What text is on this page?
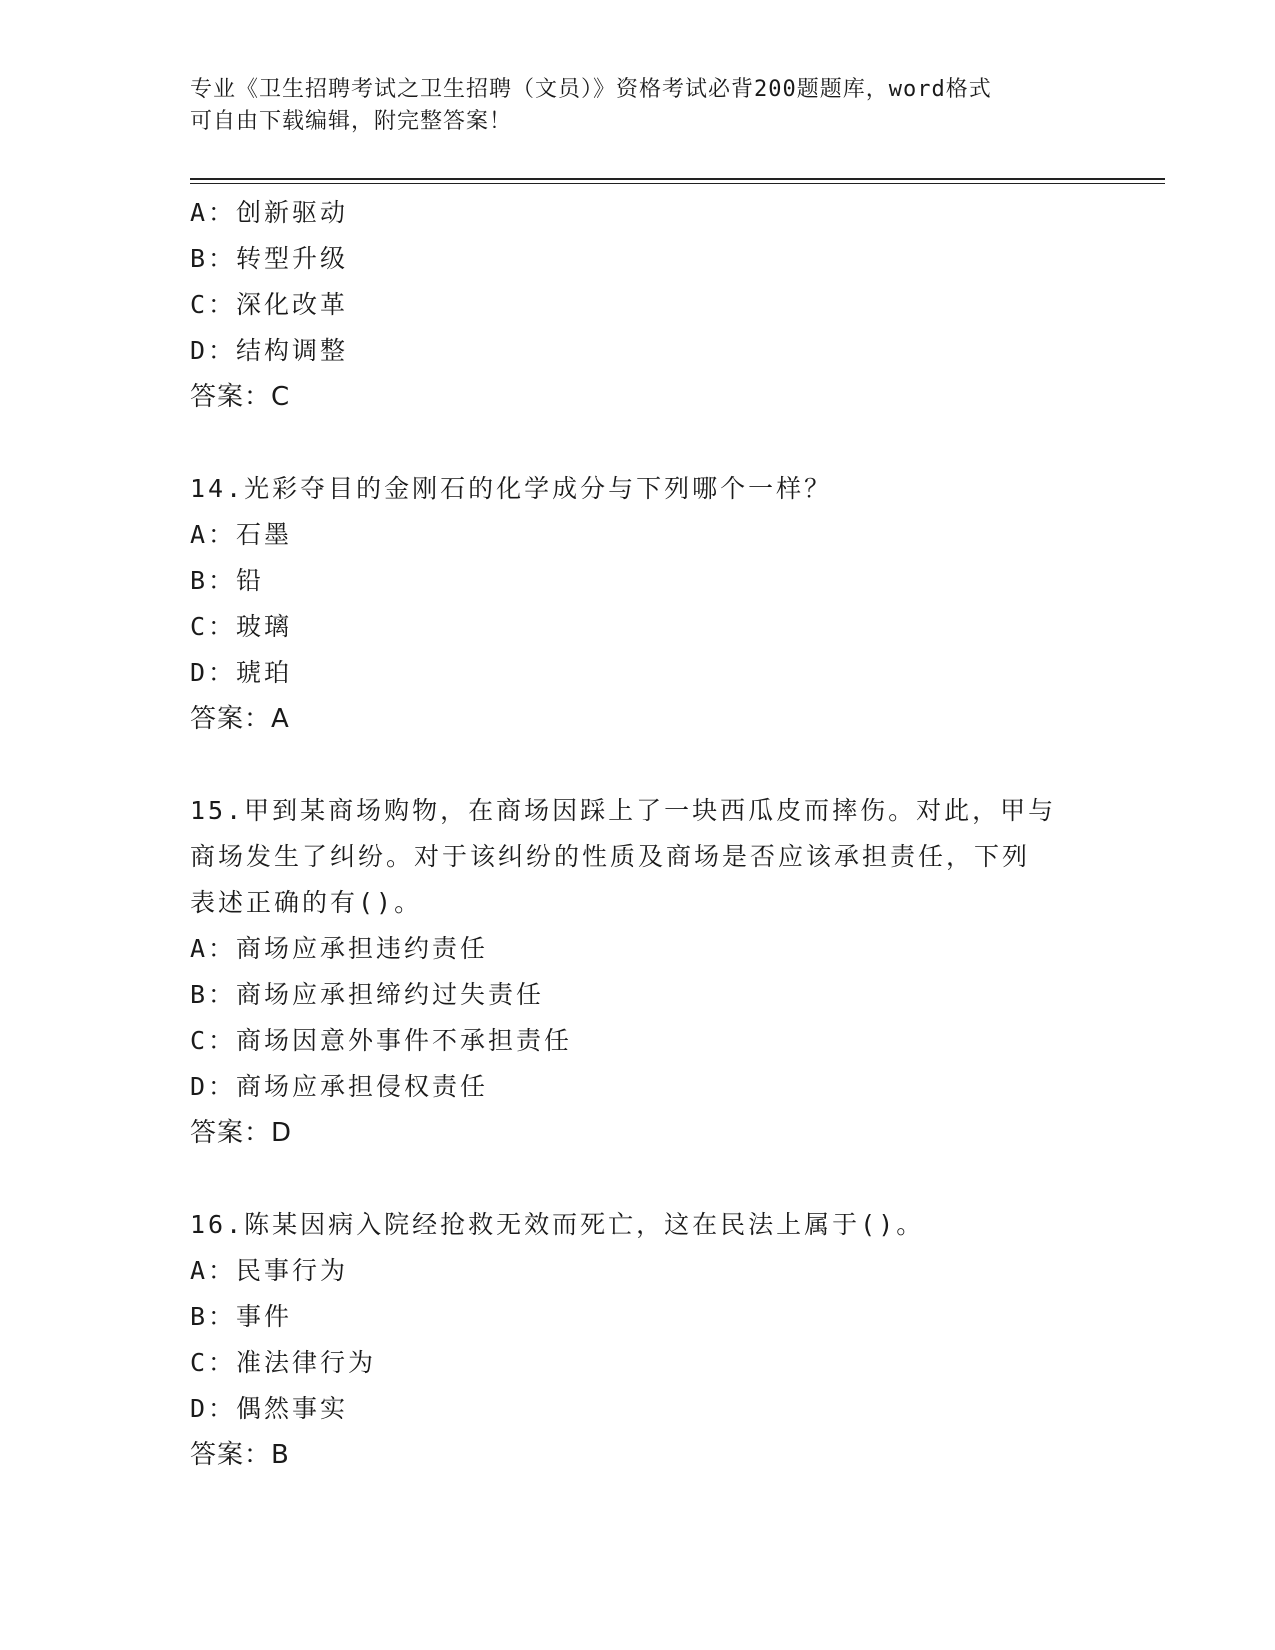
专业《卫生招聘考试之卫生招聘（文员）》资格考试必背200题题库，word格式
可自由下载编辑，附完整答案！
A：创新驱动
B：转型升级
C：深化改革
D：结构调整
答案：C
14.光彩夺目的金刚石的化学成分与下列哪个一样？
A：石墨
B：铅
C：玻璃
D：琥珀
答案：A
15.甲到某商场购物，在商场因踩上了一块西瓜皮而摔伤。对此，甲与
商场发生了纠纷。对于该纠纷的性质及商场是否应该承担责任，下列
表述正确的有()。
A：商场应承担违约责任
B：商场应承担缔约过失责任
C：商场因意外事件不承担责任
D：商场应承担侵权责任
答案：D
16.陈某因病入院经抢救无效而死亡，这在民法上属于()。
A：民事行为
B：事件
C：准法律行为
D：偶然事实
答案：B
